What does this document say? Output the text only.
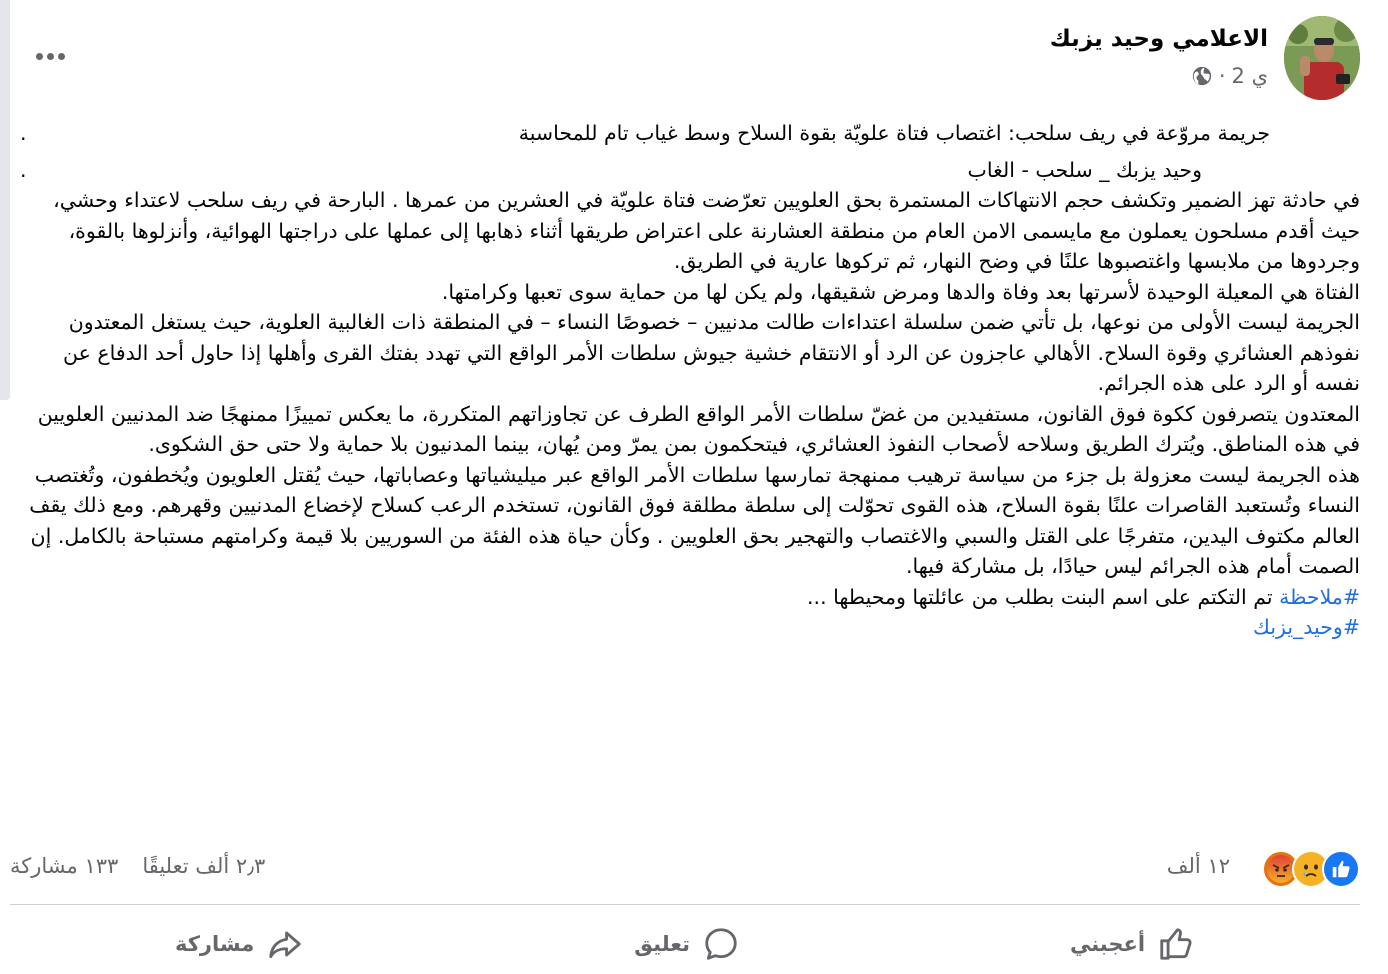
الاعلامي وحيد يزبك
2 ي
·

جريمة مروّعة في ريف سلحب: اغتصاب فتاة علويّة بقوة السلاح وسط غياب تام للمحاسبة
.

وحيد يزبك _ سلحب - الغاب
.

في حادثة تهز الضمير وتكشف حجم الانتهاكات المستمرة بحق العلويين تعرّضت فتاة علويّة في العشرين من عمرها . البارحة في ريف سلحب لاعتداء وحشي، حيث أقدم مسلحون يعملون مع مايسمى الامن العام من منطقة العشارنة على اعتراض طريقها أثناء ذهابها إلى عملها على دراجتها الهوائية، وأنزلوها بالقوة، وجردوها من ملابسها واغتصبوها علنًا في وضح النهار، ثم تركوها عارية في الطريق.

الفتاة هي المعيلة الوحيدة لأسرتها بعد وفاة والدها ومرض شقيقها، ولم يكن لها من حماية سوى تعبها وكرامتها.

الجريمة ليست الأولى من نوعها، بل تأتي ضمن سلسلة اعتداءات طالت مدنيين – خصوصًا النساء – في المنطقة ذات الغالبية العلوية، حيث يستغل المعتدون نفوذهم العشائري وقوة السلاح. الأهالي عاجزون عن الرد أو الانتقام خشية جيوش سلطات الأمر الواقع التي تهدد بفتك القرى وأهلها إذا حاول أحد الدفاع عن نفسه أو الرد على هذه الجرائم.

المعتدون يتصرفون ككوة فوق القانون، مستفيدين من غضّ سلطات الأمر الواقع الطرف عن تجاوزاتهم المتكررة، ما يعكس تمييزًا ممنهجًا ضد المدنيين العلويين في هذه المناطق. ويُترك الطريق وسلاحه لأصحاب النفوذ العشائري، فيتحكمون بمن يمرّ ومن يُهان، بينما المدنيون بلا حماية ولا حتى حق الشكوى.

هذه الجريمة ليست معزولة بل جزء من سياسة ترهيب ممنهجة تمارسها سلطات الأمر الواقع عبر ميليشياتها وعصاباتها، حيث يُقتل العلويون ويُخطفون، وتُغتصب النساء وتُستعبد القاصرات علنًا بقوة السلاح، هذه القوى تحوّلت إلى سلطة مطلقة فوق القانون، تستخدم الرعب كسلاح لإخضاع المدنيين وقهرهم. ومع ذلك يقف العالم مكتوف اليدين، متفرجًا على القتل والسبي والاغتصاب والتهجير بحق العلويين . وكأن حياة هذه الفئة من السوريين بلا قيمة وكرامتهم مستباحة بالكامل. إن الصمت أمام هذه الجرائم ليس حيادًا، بل مشاركة فيها.

#ملاحظة تم التكتم على اسم البنت بطلب من عائلتها ومحيطها ...

#وحيد_يزبك

١٢ ألف
٢٫٣ ألف تعليقًا
١٣٣ مشاركة
مشاركة	تعليق	أعجبني
